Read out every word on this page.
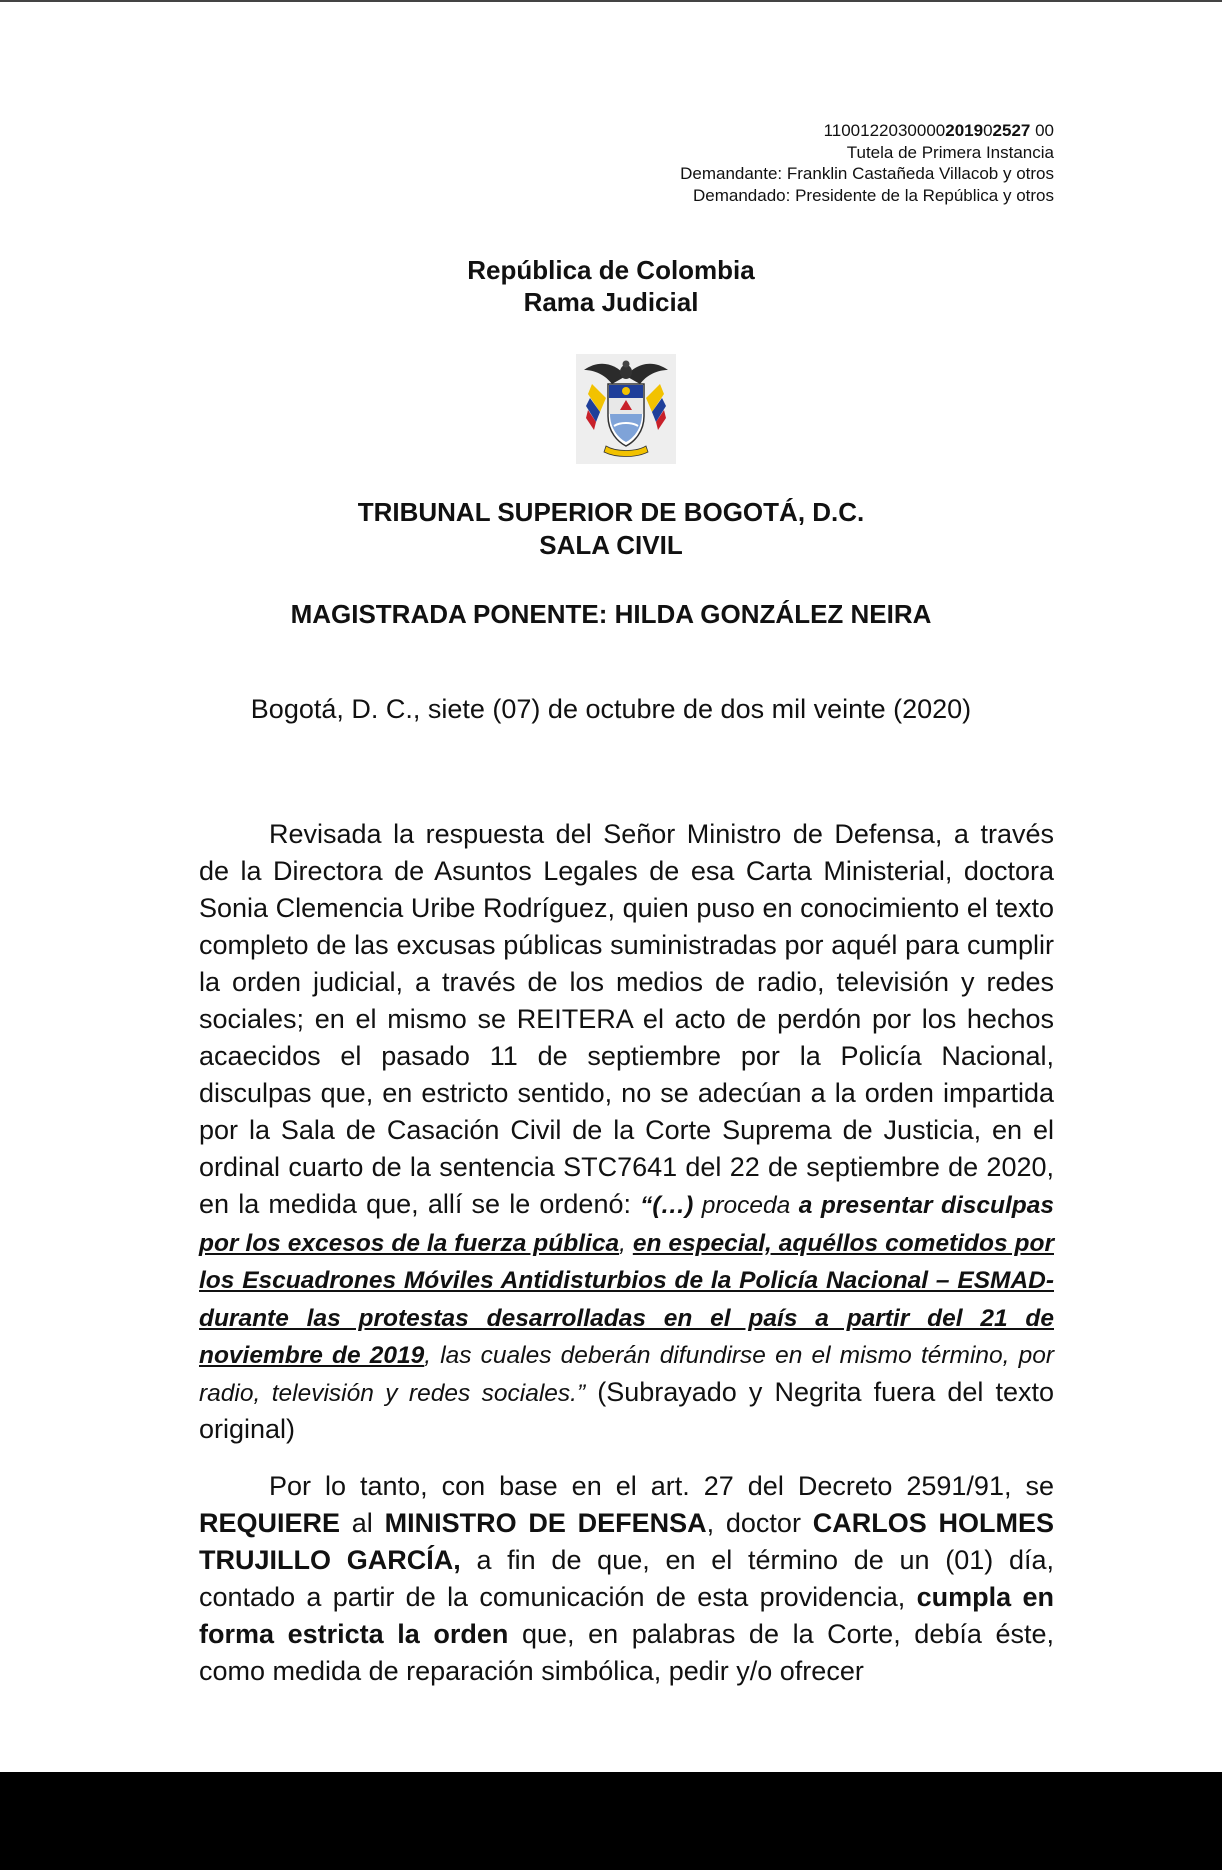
1100122030000201902527 00
Tutela de Primera Instancia
Demandante: Franklin Castañeda Villacob y otros
Demandado: Presidente de la República y otros
República de Colombia
Rama Judicial
TRIBUNAL SUPERIOR DE BOGOTÁ, D.C.
SALA CIVIL
MAGISTRADA PONENTE: HILDA GONZÁLEZ NEIRA
Bogotá, D. C., siete (07) de octubre de dos mil veinte (2020)
Revisada la respuesta del Señor Ministro de Defensa, a través de la Directora de Asuntos Legales de esa Carta Ministerial, doctora Sonia Clemencia Uribe Rodríguez, quien puso en conocimiento el texto completo de las excusas públicas suministradas por aquél para cumplir la orden judicial, a través de los medios de radio, televisión y redes sociales; en el mismo se REITERA el acto de perdón por los hechos acaecidos el pasado 11 de septiembre por la Policía Nacional, disculpas que, en estricto sentido, no se adecúan a la orden impartida por la Sala de Casación Civil de la Corte Suprema de Justicia, en el ordinal cuarto de la sentencia STC7641 del 22 de septiembre de 2020, en la medida que, allí se le ordenó: “(…) proceda a presentar disculpas por los excesos de la fuerza pública, en especial, aquéllos cometidos por los Escuadrones Móviles Antidisturbios de la Policía Nacional – ESMAD- durante las protestas desarrolladas en el país a partir del 21 de noviembre de 2019, las cuales deberán difundirse en el mismo término, por radio, televisión y redes sociales.” (Subrayado y Negrita fuera del texto original)
Por lo tanto, con base en el art. 27 del Decreto 2591/91, se REQUIERE al MINISTRO DE DEFENSA, doctor CARLOS HOLMES TRUJILLO GARCÍA, a fin de que, en el término de un (01) día, contado a partir de la comunicación de esta providencia, cumpla en forma estricta la orden que, en palabras de la Corte, debía éste, como medida de reparación simbólica, pedir y/o ofrecer
